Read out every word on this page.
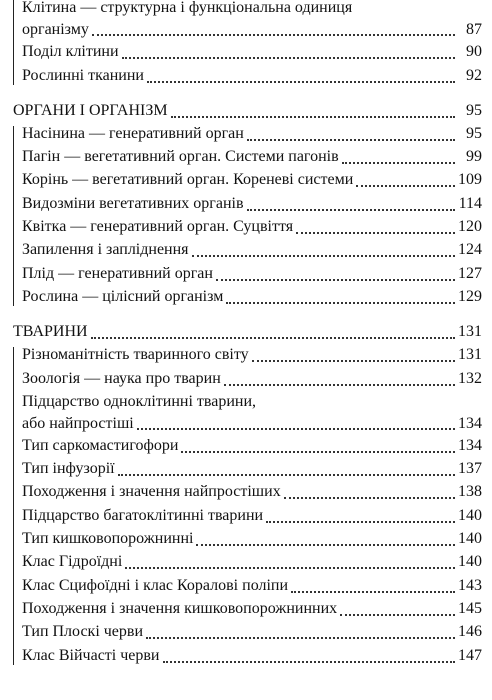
Клітина — структурна і функціональна одиниця
організму	87
Поділ клітини	90
Рослинні тканини	92
ОРГАНИ І ОРГАНІЗМ	95
Насінина — генеративний орган	95
Пагін — вегетативний орган. Системи пагонів	99
Корінь — вегетативний орган. Кореневі системи	109
Видозміни вегетативних органів	114
Квітка — генеративний орган. Суцвіття	120
Запилення і запліднення	124
Плід — генеративний орган	127
Рослина — цілісний організм	129
ТВАРИНИ	131
Різноманітність тваринного світу	131
Зоологія — наука про тварин	132
Підцарство одноклітинні тварини,
або найпростіші	134
Тип саркомастигофори	134
Тип інфузорії	137
Походження і значення найпростіших	138
Підцарство багатоклітинні тварини	140
Тип кишковопорожнинні	140
Клас Гідроїдні	140
Клас Сцифоїдні і клас Коралові поліпи	143
Походження і значення кишковопорожнинних	145
Тип Плоскі черви	146
Клас Війчасті черви	147
